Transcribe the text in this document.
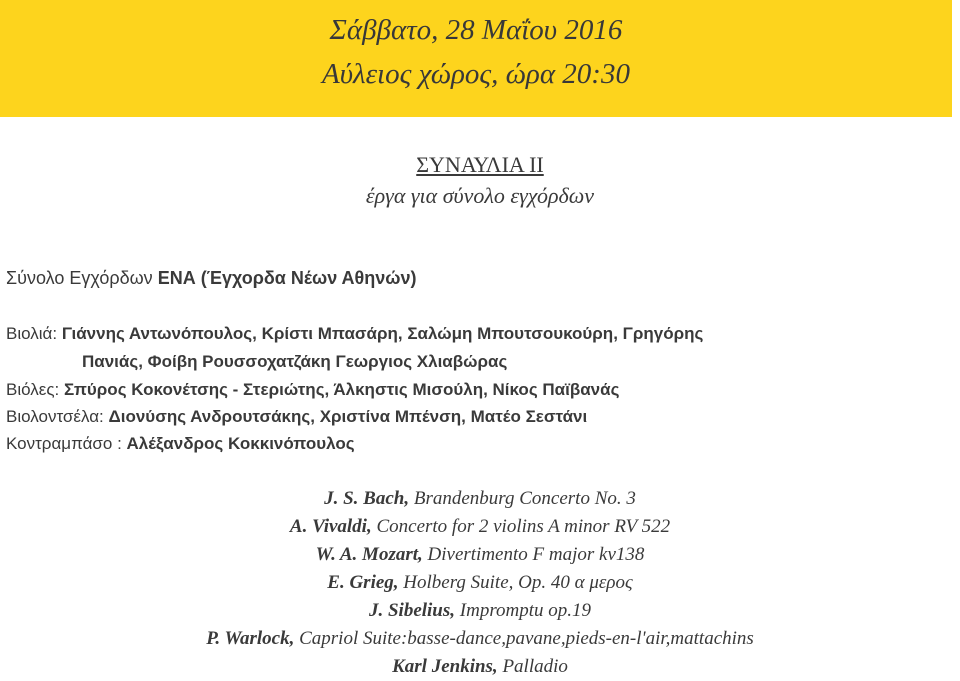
Σάββατο, 28 Μαΐου 2016
Αύλειος χώρος, ώρα 20:30
ΣΥΝΑΥΛΙΑ ΙΙ
έργα για σύνολο εγχόρδων
Σύνολο Εγχόρδων ΕΝΑ (Έγχορδα Νέων Αθηνών)
Βιολιά: Γιάννης Αντωνόπουλος, Κρίστι Μπασάρη, Σαλώμη Μπουτσουκούρη, Γρηγόρης
Πανιάς, Φοίβη Ρουσσοχατζάκη Γεωργιος Χλιαβώρας
Βιόλες: Σπύρος Κοκονέτσης - Στεριώτης, Άλκηστις Μισούλη, Νίκος Παϊβανάς
Βιολοντσέλα: Διονύσης Ανδρουτσάκης, Χριστίνα Μπένση, Ματέο Σεστάνι
Κοντραμπάσο : Αλέξανδρος Κοκκινόπουλος
J. S. Bach, Brandenburg Concerto No. 3
A. Vivaldi, Concerto for 2 violins A minor RV 522
W. A. Mozart, Divertimento F major kv138
E. Grieg, Holberg Suite, Op. 40 α μερος
J. Sibelius, Impromptu op.19
P. Warlock, Capriol Suite:basse-dance,pavane,pieds-en-l'air,mattachins
Karl Jenkins, Palladio
